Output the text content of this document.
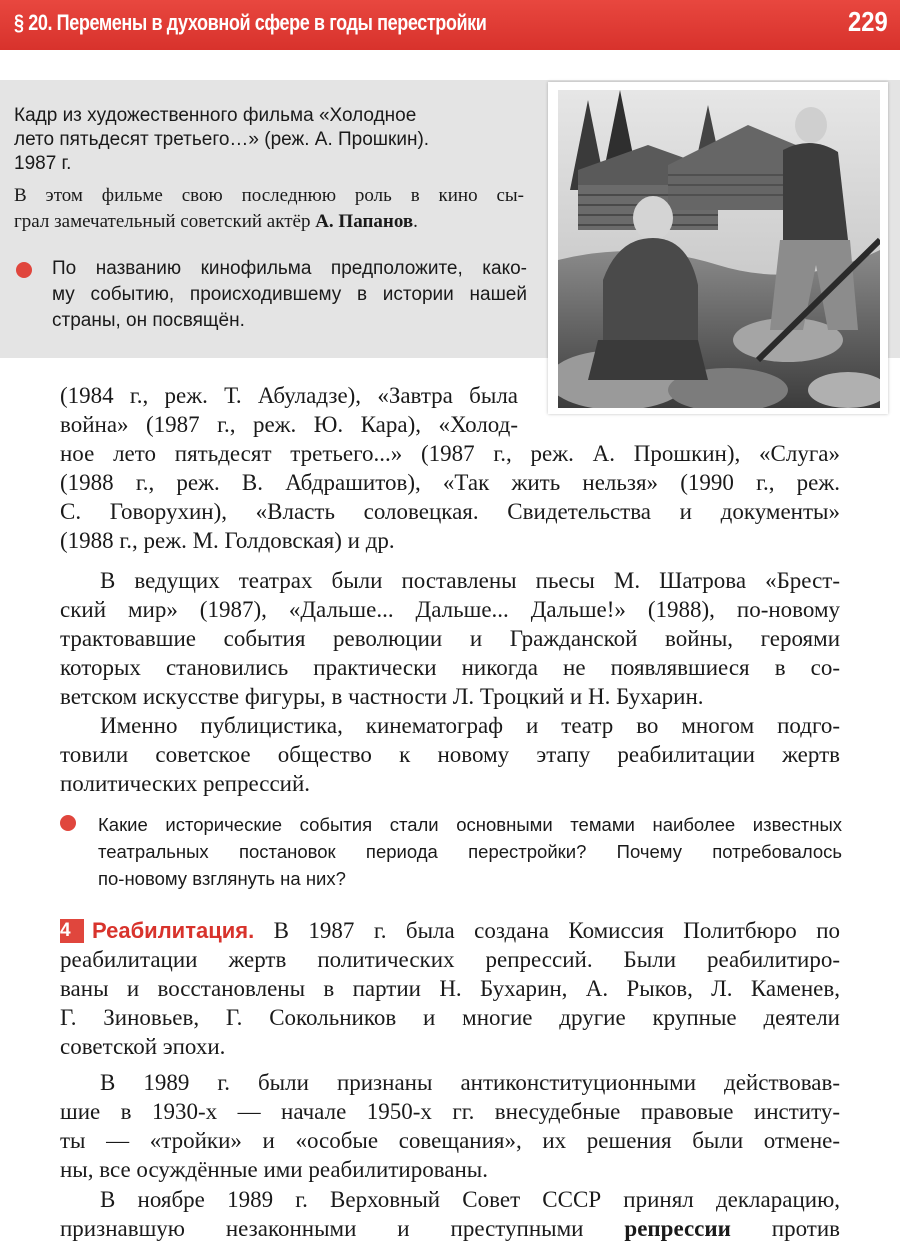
§ 20. Перемены в духовной сфере в годы перестройки	229
Кадр из художественного фильма «Холодное
лето пятьдесят третьего…» (реж. А. Прошкин).
1987 г.
В этом фильме свою последнюю роль в кино сы-
грал замечательный советский актёр А. Папанов.
По названию кинофильма предположите, како-
му событию, происходившему в истории нашей
страны, он посвящён.
(1984 г., реж. Т. Абуладзе), «Завтра была
война» (1987 г., реж. Ю. Кара), «Холод-
ное лето пятьдесят третьего...» (1987 г., реж. А. Прошкин), «Слуга»
(1988 г., реж. В. Абдрашитов), «Так жить нельзя» (1990 г., реж.
С. Говорухин), «Власть соловецкая. Свидетельства и документы»
(1988 г., реж. М. Голдовская) и др.
В ведущих театрах были поставлены пьесы М. Шатрова «Брест-
ский мир» (1987), «Дальше... Дальше... Дальше!» (1988), по-новому
трактовавшие события революции и Гражданской войны, героями
которых становились практически никогда не появлявшиеся в со-
ветском искусстве фигуры, в частности Л. Троцкий и Н. Бухарин.
Именно публицистика, кинематограф и театр во многом подго-
товили советское общество к новому этапу реабилитации жертв
политических репрессий.
Какие исторические события стали основными темами наиболее известных
театральных постановок периода перестройки? Почему потребовалось
по-новому взглянуть на них?
4 Реабилитация. В 1987 г. была создана Комиссия Политбюро по
реабилитации жертв политических репрессий. Были реабилитиро-
ваны и восстановлены в партии Н. Бухарин, А. Рыков, Л. Каменев,
Г. Зиновьев, Г. Сокольников и многие другие крупные деятели
советской эпохи.
В 1989 г. были признаны антиконституционными действовав-
шие в 1930-х — начале 1950-х гг. внесудебные правовые институ-
ты — «тройки» и «особые совещания», их решения были отмене-
ны, все осуждённые ими реабилитированы.
В ноябре 1989 г. Верховный Совет СССР принял декларацию,
признавшую незаконными и преступными репрессии против
